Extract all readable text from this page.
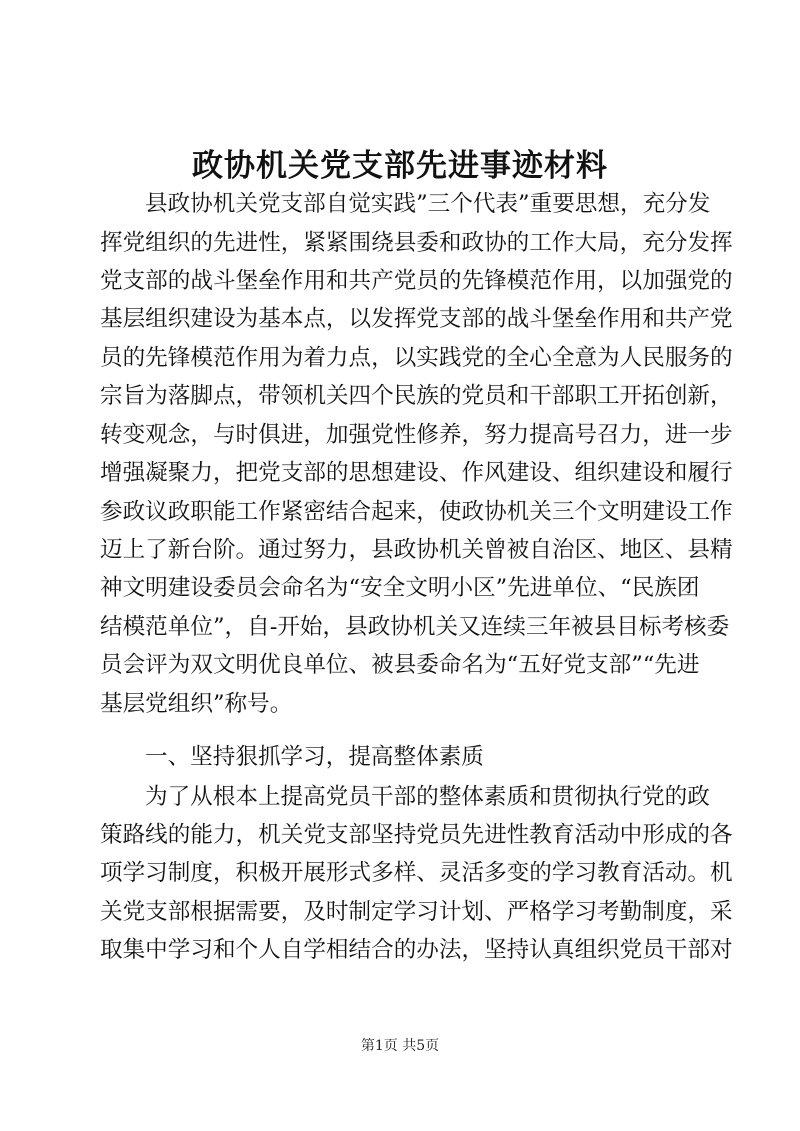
政协机关党支部先进事迹材料

县政协机关党支部自觉实践”三个代表”重要思想，充分发

挥党组织的先进性，紧紧围绕县委和政协的工作大局，充分发挥

党支部的战斗堡垒作用和共产党员的先锋模范作用，以加强党的

基层组织建设为基本点，以发挥党支部的战斗堡垒作用和共产党

员的先锋模范作用为着力点，以实践党的全心全意为人民服务的

宗旨为落脚点，带领机关四个民族的党员和干部职工开拓创新，

转变观念，与时俱进，加强党性修养，努力提高号召力，进一步

增强凝聚力，把党支部的思想建设、作风建设、组织建设和履行

参政议政职能工作紧密结合起来，使政协机关三个文明建设工作

迈上了新台阶。通过努力，县政协机关曾被自治区、地区、县精

神文明建设委员会命名为“安全文明小区”先进单位、“民族团

结模范单位”，自-开始，县政协机关又连续三年被县目标考核委

员会评为双文明优良单位、被县委命名为“五好党支部”“先进

基层党组织”称号。

一、坚持狠抓学习，提高整体素质

为了从根本上提高党员干部的整体素质和贯彻执行党的政

策路线的能力，机关党支部坚持党员先进性教育活动中形成的各

项学习制度，积极开展形式多样、灵活多变的学习教育活动。机

关党支部根据需要，及时制定学习计划、严格学习考勤制度，采

取集中学习和个人自学相结合的办法，坚持认真组织党员干部对

第1页 共5页
